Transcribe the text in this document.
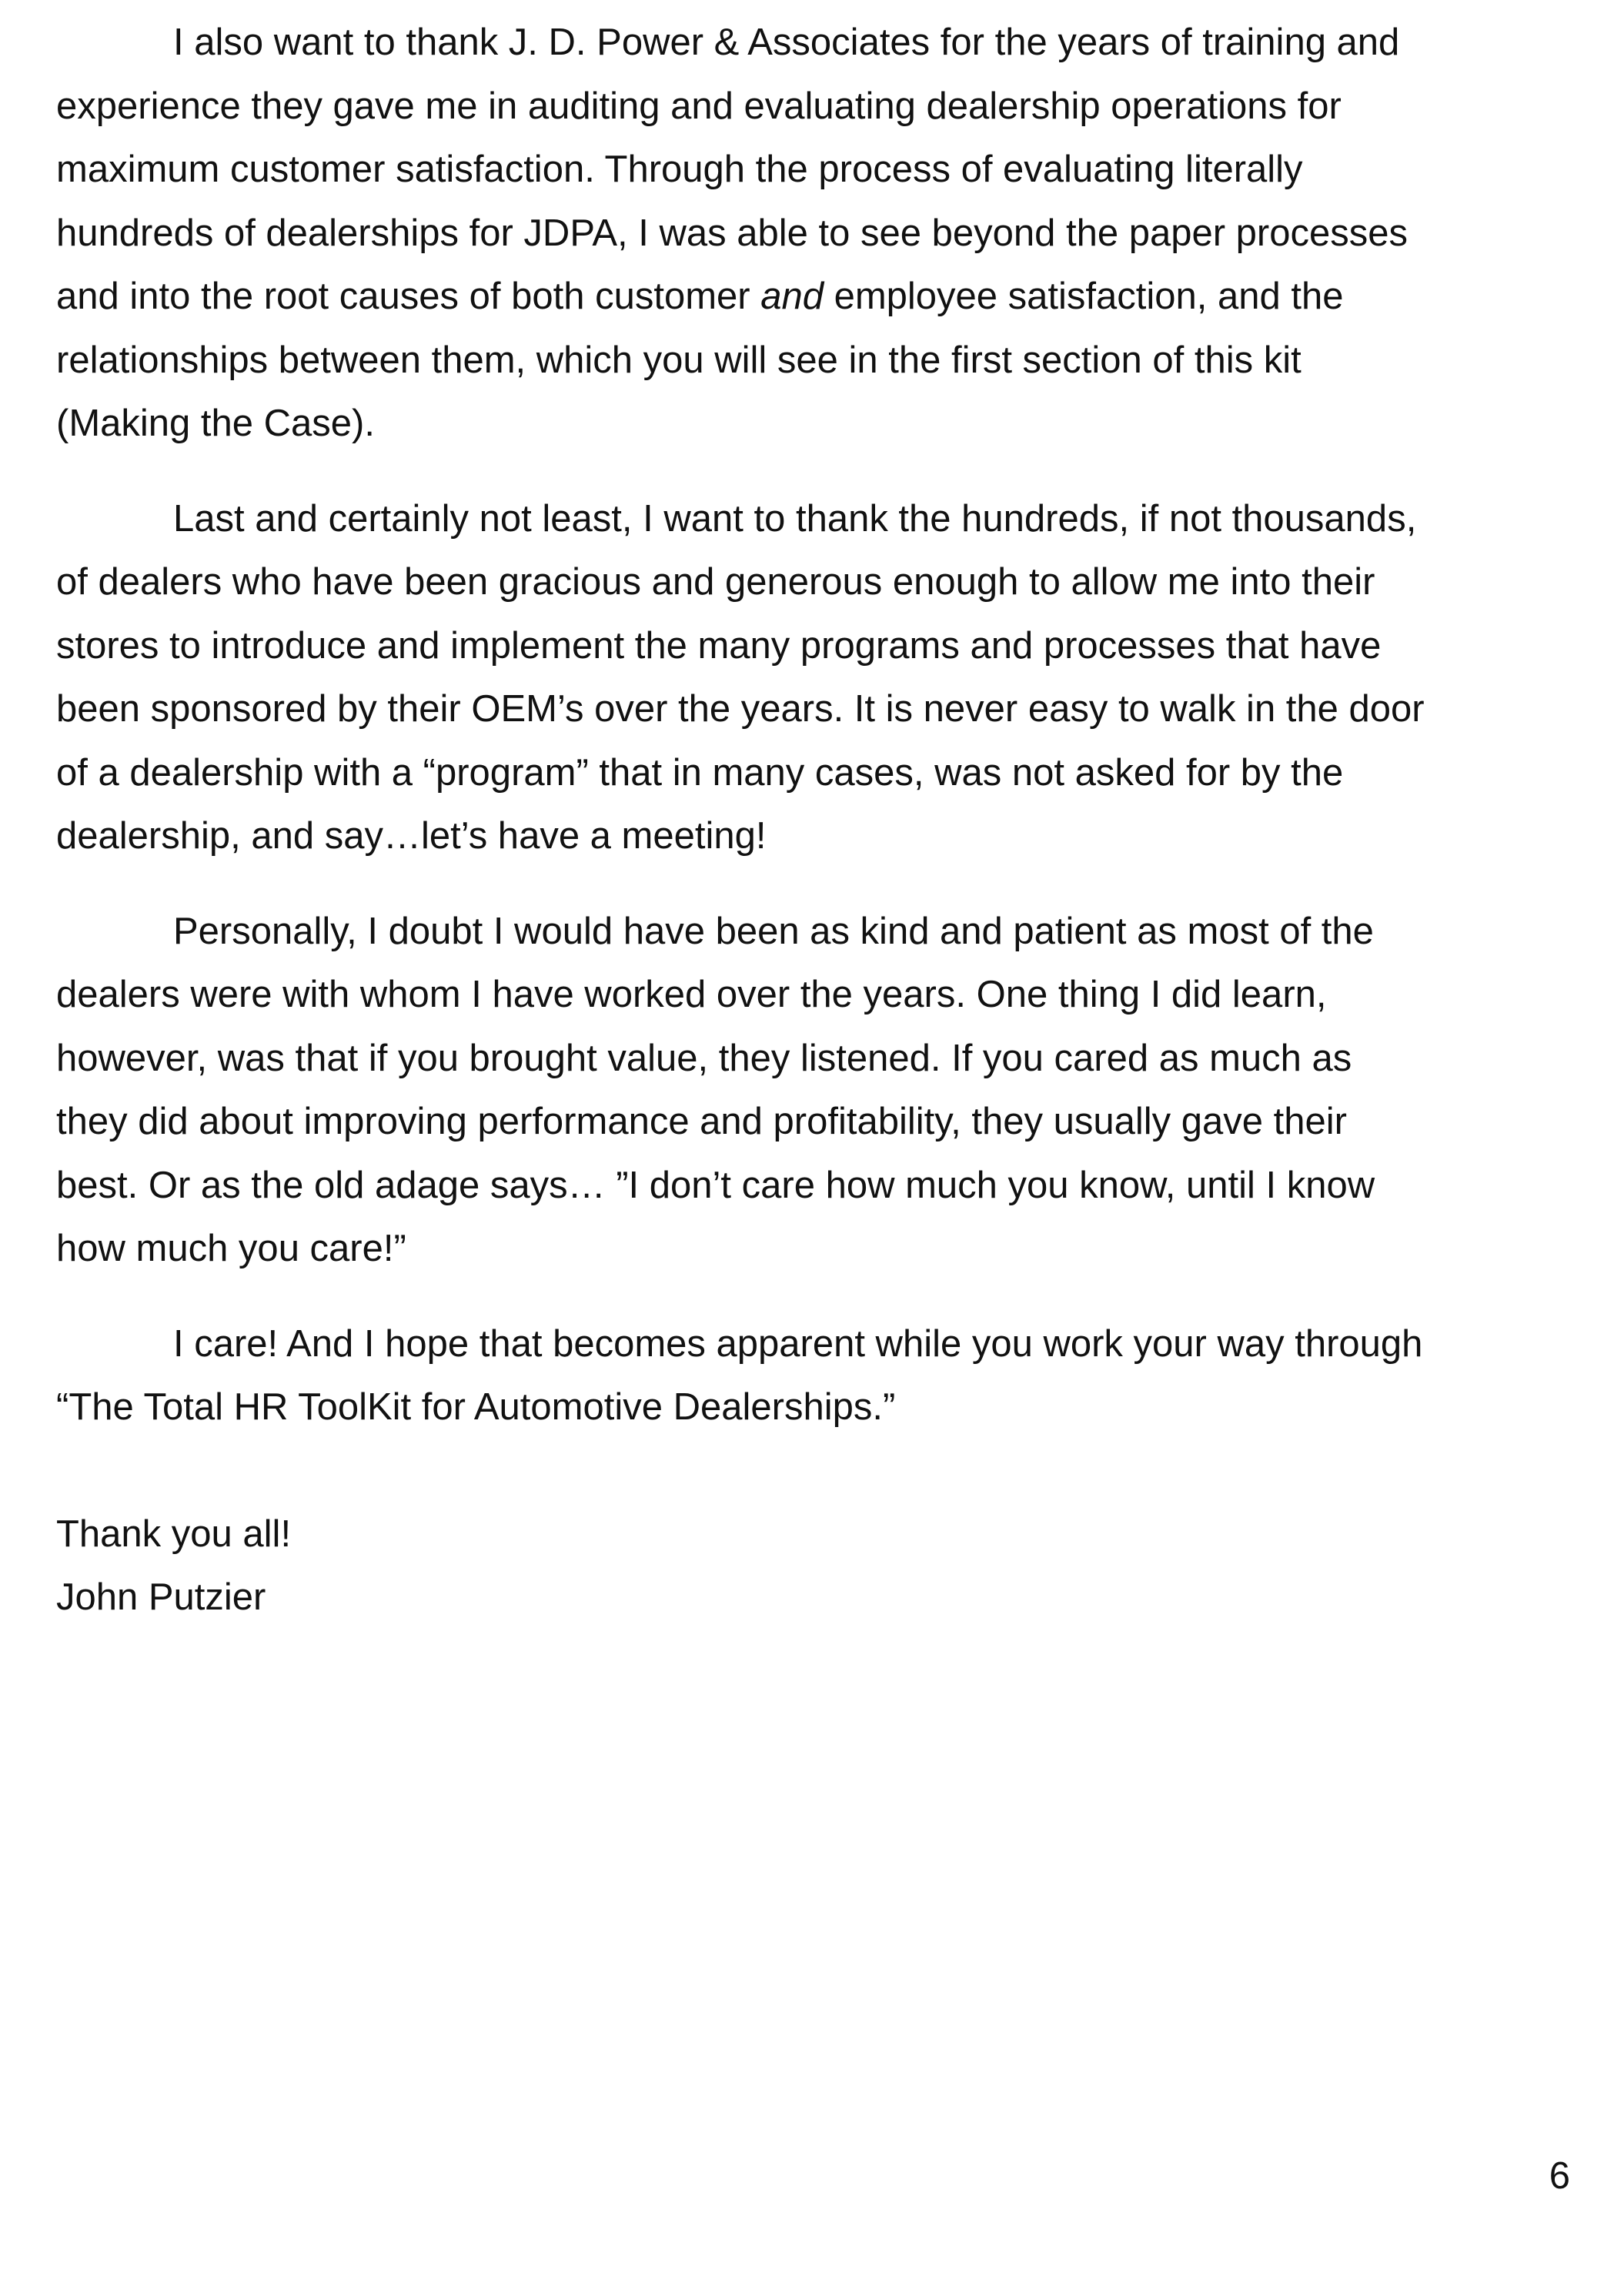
I also want to thank J. D. Power & Associates for the years of training and
experience they gave me in auditing and evaluating dealership operations for
maximum customer satisfaction. Through the process of evaluating literally
hundreds of dealerships for JDPA, I was able to see beyond the paper processes
and into the root causes of both customer and employee satisfaction, and the
relationships between them, which you will see in the first section of this kit
(Making the Case).

Last and certainly not least, I want to thank the hundreds, if not thousands,
of dealers who have been gracious and generous enough to allow me into their
stores to introduce and implement the many programs and processes that have
been sponsored by their OEM’s over the years. It is never easy to walk in the door
of a dealership with a “program” that in many cases, was not asked for by the
dealership, and say…let’s have a meeting!

Personally, I doubt I would have been as kind and patient as most of the
dealers were with whom I have worked over the years. One thing I did learn,
however, was that if you brought value, they listened. If you cared as much as
they did about improving performance and profitability, they usually gave their
best. Or as the old adage says… ”I don’t care how much you know, until I know
how much you care!”

I care! And I hope that becomes apparent while you work your way through
“The Total HR ToolKit for Automotive Dealerships.”

Thank you all!
John Putzier
6
